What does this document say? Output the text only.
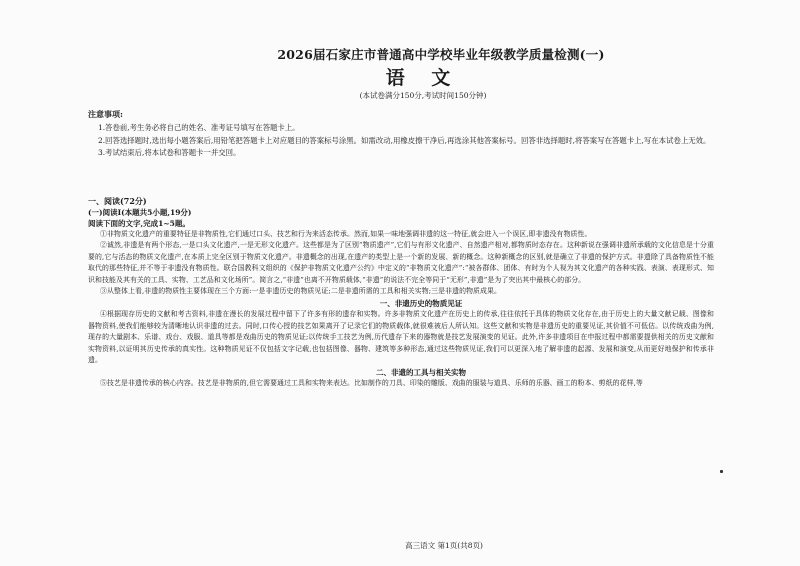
2026届石家庄市普通高中学校毕业年级教学质量检测(一)

语 文

(本试卷满分150分,考试时间150分钟)

注意事项:

1.答卷前,考生务必将自己的姓名、准考证号填写在答题卡上。

2.回答选择题时,选出每小题答案后,用铅笔把答题卡上对应题目的答案标号涂黑。如需改动,用橡皮擦干净后,再选涂其他答案标号。回答非选择题时,将答案写在答题卡上,写在本试卷上无效。

3.考试结束后,将本试卷和答题卡一并交回。

一、阅读(72分)

(一)阅读Ⅰ(本题共5小题,19分)

阅读下面的文字,完成1~5题。

①非物质文化遗产的重要特征是非物质性,它们通过口头、技艺和行为来活态传承。然而,如果一味地强调非遗的这一特征,就会进入一个误区,即非遗没有物质性。

②诚然,非遗是有两个形态,一是口头文化遗产,一是无形文化遗产。这些都是为了区别“物质遗产”,它们与有形文化遗产、自然遗产相对,都物质时态存在。这种新说在强调非遗所承载的文化信息是十分重要的,它与活态的物质文化遗产,在本质上完全区别于物质文化遗产。非遗概念的出现,在遗产的类型上是一个新的发展、新的概念。这种新概念的区别,就是确立了非遗的保护方式。非遗除了具备物质性不能取代的那些特征,并不等于非遗没有物质性。联合国教科文组织的《保护非物质文化遗产公约》中定义的“非物质文化遗产”:“被各群体、团体、有时为个人视为其文化遗产的各种实践、表演、表现形式、知识和技能及其有关的工具、实物、工艺品和文化场所”。简言之,“非遗”也离不开物质载体,“非遗”的说法不完全等同于“无形”,非遗”是为了突出其中最核心的部分。

③从整体上看,非遗的物质性主要体现在三个方面:一是非遗历史的物质见证;二是非遗所需的工具和相关实物;三是非遗的物质成果。

一、非遗历史的物质见证

④根据现存历史的文献和考古资料,非遗在漫长的发展过程中留下了许多有形的遗存和实物。许多非物质文化遗产在历史上的传承,往往依托于具体的物质文化存在,由于历史上的大量文献记载、图像和器物资料,使我们能够较为清晰地认识非遗的过去。同时,口传心授的技艺如果离开了记录它们的物质载体,就很难被后人所认知。这些文献和实物是非遗历史的重要见证,其价值不可低估。以传统戏曲为例,现存的大量剧本、乐谱、戏台、戏服、道具等都是戏曲历史的物质见证;以传统手工技艺为例,历代遗存下来的器物就是技艺发展演变的见证。此外,许多非遗项目在申报过程中都需要提供相关的历史文献和实物资料,以证明其历史传承的真实性。这种物质见证不仅包括文字记载,也包括图像、器物、建筑等多种形态,通过这些物质见证,我们可以更深入地了解非遗的起源、发展和演变,从而更好地保护和传承非遗。

二、非遗的工具与相关实物

⑤技艺是非遗传承的核心内容。技艺是非物质的,但它需要通过工具和实物来表达。比如制作的刀具、印染的雕版、戏曲的服装与道具、乐师的乐器、画工的粉本、剪纸的花样,等

高三语文 第1页(共8页)
